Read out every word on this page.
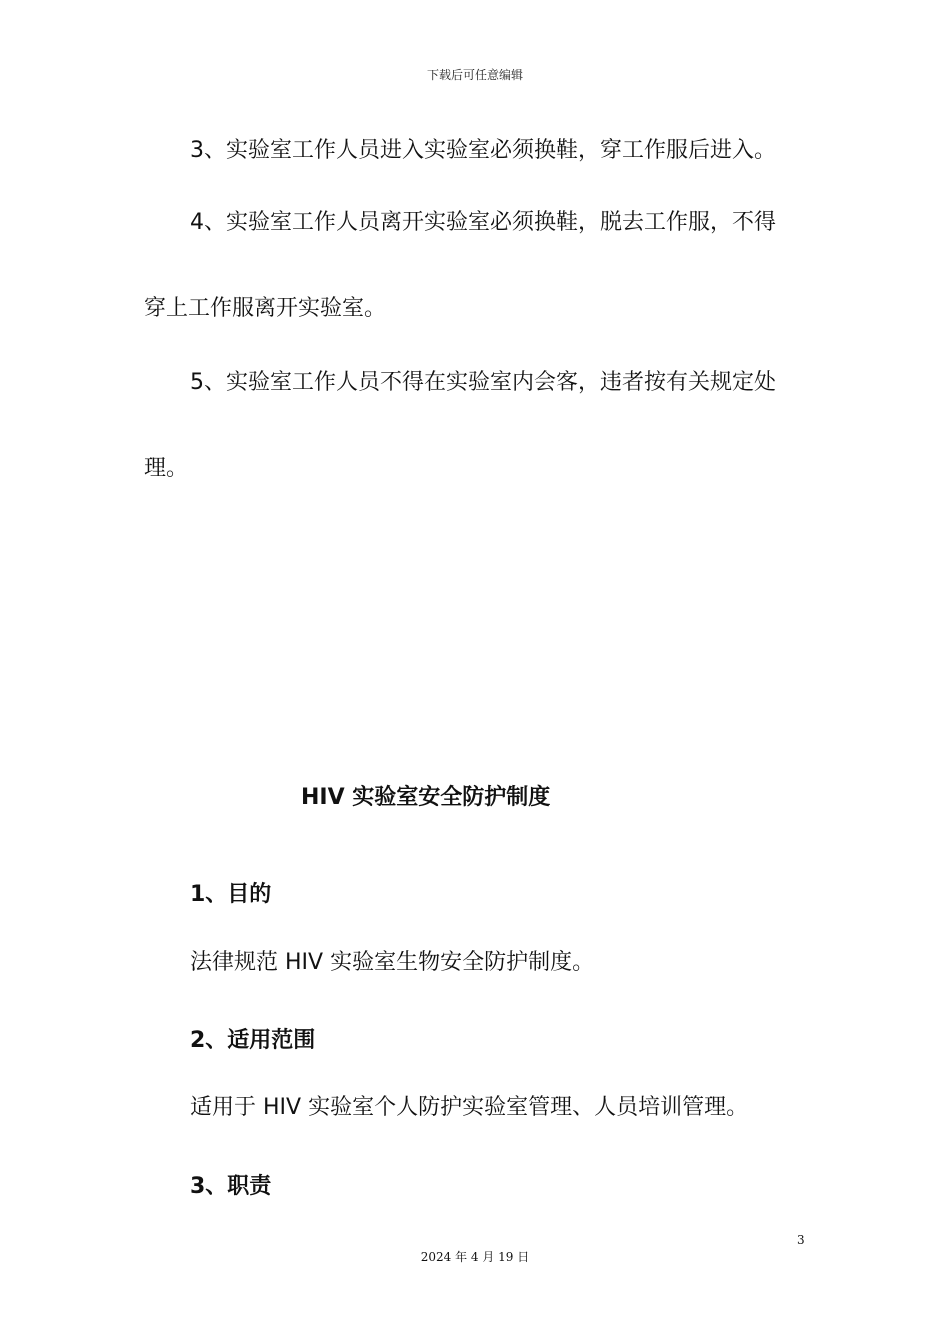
下载后可任意编辑
3、实验室工作人员进入实验室必须换鞋，穿工作服后进入。
4、实验室工作人员离开实验室必须换鞋，脱去工作服，不得
穿上工作服离开实验室。
5、实验室工作人员不得在实验室内会客，违者按有关规定处
理。
HIV 实验室安全防护制度
1、目的
法律规范 HIV 实验室生物安全防护制度。
2、适用范围
适用于 HIV 实验室个人防护实验室管理、人员培训管理。
3、职责
3
2024 年 4 月 19 日
